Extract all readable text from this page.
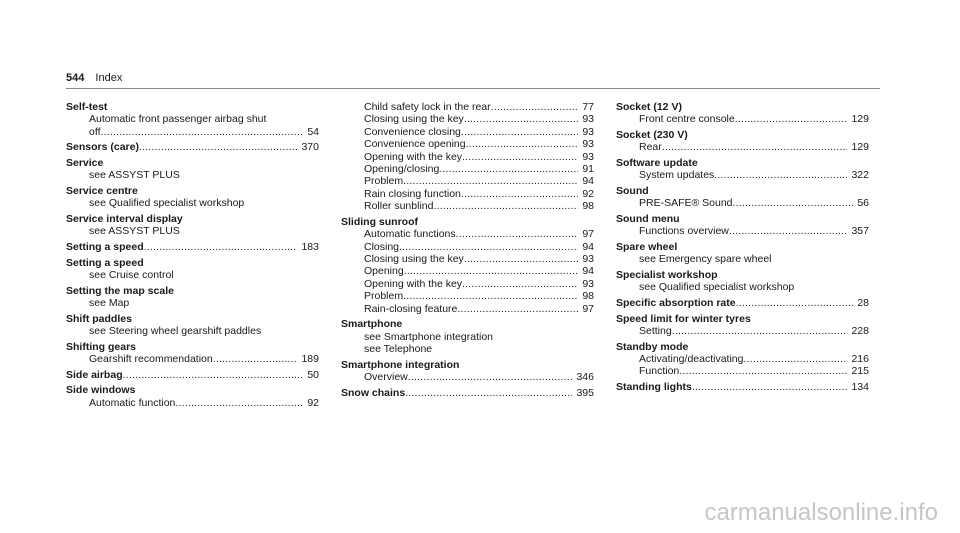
544 Index
Self-test
Automatic front passenger airbag shut
off .....	54
Sensors (care) .....	370
Service
see ASSYST PLUS
Service centre
see Qualified specialist workshop
Service interval display
see ASSYST PLUS
Setting a speed .....	183
Setting a speed
see Cruise control
Setting the map scale
see Map
Shift paddles
see Steering wheel gearshift paddles
Shifting gears
Gearshift recommendation .....	189
Side airbag .....	50
Side windows
Automatic function .....	92
Child safety lock in the rear .....	77
Closing using the key .....	93
Convenience closing .....	93
Convenience opening .....	93
Opening with the key .....	93
Opening/closing .....	91
Problem .....	94
Rain closing function .....	92
Roller sunblind .....	98
Sliding sunroof
Automatic functions .....	97
Closing .....	94
Closing using the key .....	93
Opening .....	94
Opening with the key .....	93
Problem .....	98
Rain-closing feature .....	97
Smartphone
see Smartphone integration
see Telephone
Smartphone integration
Overview .....	346
Snow chains .....	395
Socket (12 V)
Front centre console .....	129
Socket (230 V)
Rear .....	129
Software update
System updates .....	322
Sound
PRE-SAFE® Sound .....	56
Sound menu
Functions overview .....	357
Spare wheel
see Emergency spare wheel
Specialist workshop
see Qualified specialist workshop
Specific absorption rate .....	28
Speed limit for winter tyres
Setting .....	228
Standby mode
Activating/deactivating .....	216
Function .....	215
Standing lights .....	134
carmanualsonline.info
